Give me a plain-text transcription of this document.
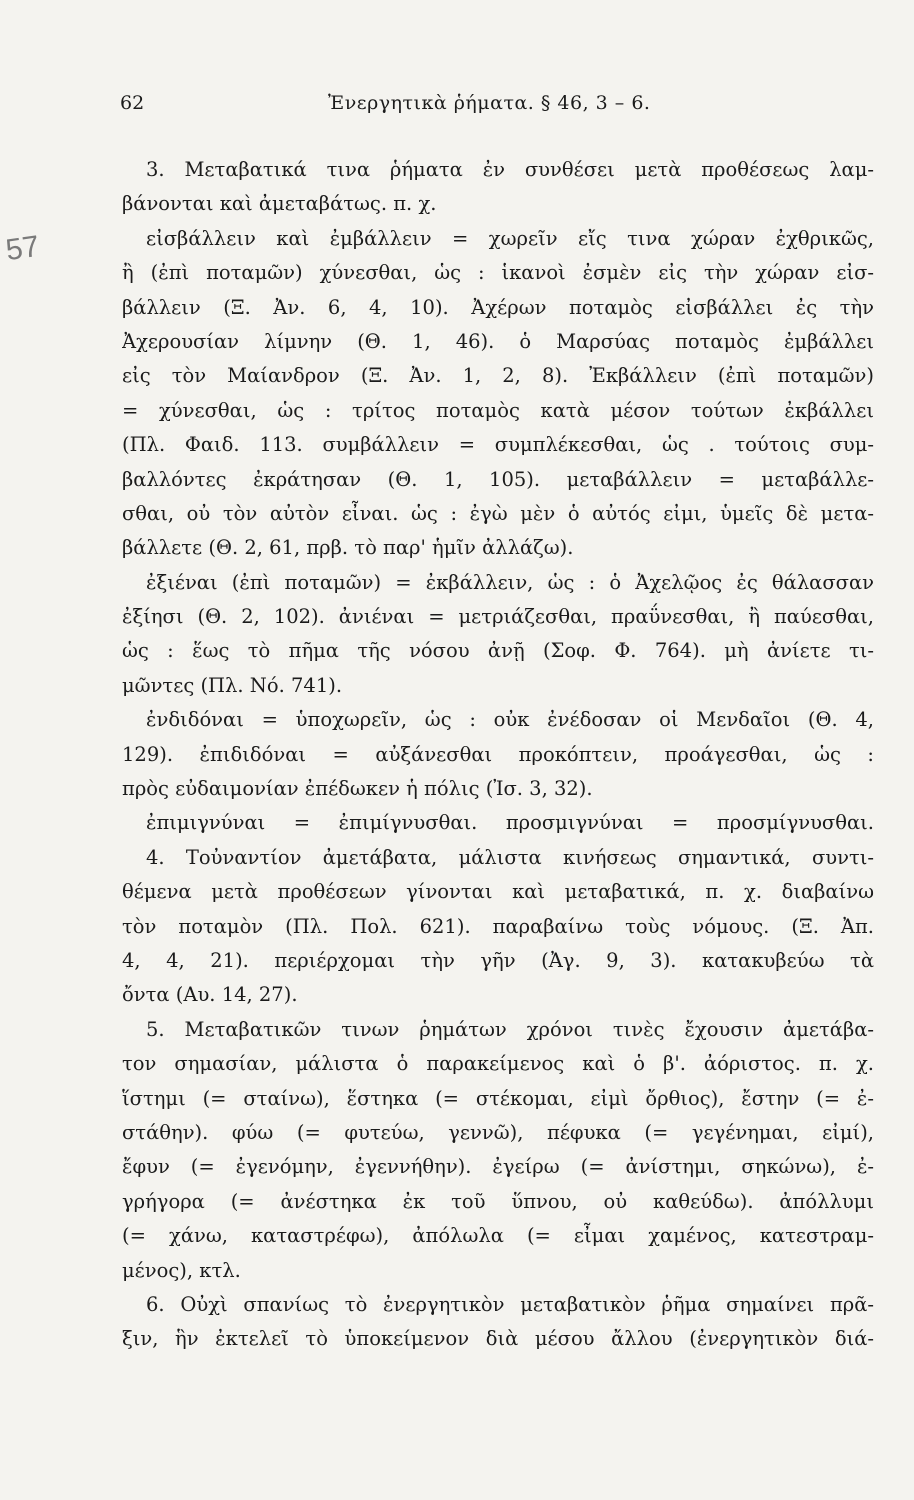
62	Ἐνεργητικὰ ῥήματα. § 46, 3 – 6.
57
3. Μεταβατικά τινα ῥήματα ἐν συνθέσει μετὰ προθέσεως λαμ-
βάνονται καὶ ἀμεταβάτως. π. χ.
εἰσβάλλειν καὶ ἐμβάλλειν = χωρεῖν εἴς τινα χώραν ἐχθρικῶς,
ἢ (ἐπὶ ποταμῶν) χύνεσθαι, ὡς : ἱκανοὶ ἐσμὲν εἰς τὴν χώραν εἰσ-
βάλλειν (Ξ. Ἀν. 6, 4, 10). Ἀχέρων ποταμὸς εἰσβάλλει ἐς τὴν
Ἀχερουσίαν λίμνην (Θ. 1, 46). ὁ Μαρσύας ποταμὸς ἐμβάλλει
εἰς τὸν Μαίανδρον (Ξ. Ἀν. 1, 2, 8). Ἐκβάλλειν (ἐπὶ ποταμῶν)
= χύνεσθαι, ὡς : τρίτος ποταμὸς κατὰ μέσον τούτων ἐκβάλλει
(Πλ. Φαιδ. 113. συμβάλλειν = συμπλέκεσθαι, ὡς . τούτοις συμ-
βαλλόντες ἐκράτησαν (Θ. 1, 105). μεταβάλλειν = μεταβάλλε-
σθαι, οὐ τὸν αὐτὸν εἶναι. ὡς : ἐγὼ μὲν ὁ αὐτός εἰμι, ὑμεῖς δὲ μετα-
βάλλετε (Θ. 2, 61, πρβ. τὸ παρ' ἡμῖν ἀλλάζω).
ἐξιέναι (ἐπὶ ποταμῶν) = ἐκβάλλειν, ὡς : ὁ Ἀχελῷος ἐς θάλασσαν
ἐξίησι (Θ. 2, 102). ἀνιέναι = μετριάζεσθαι, πραΰνεσθαι, ἢ παύεσθαι,
ὡς : ἕως τὸ πῆμα τῆς νόσου ἀνῇ (Σοφ. Φ. 764). μὴ ἀνίετε τι-
μῶντες (Πλ. Νό. 741).
ἐνδιδόναι = ὑποχωρεῖν, ὡς : οὐκ ἐνέδοσαν οἱ Μενδαῖοι (Θ. 4,
129). ἐπιδιδόναι = αὐξάνεσθαι προκόπτειν, προάγεσθαι, ὡς :
πρὸς εὐδαιμονίαν ἐπέδωκεν ἡ πόλις (Ἰσ. 3, 32).
ἐπιμιγνύναι = ἐπιμίγνυσθαι. προσμιγνύναι = προσμίγνυσθαι.
4. Τοὐναντίον ἀμετάβατα, μάλιστα κινήσεως σημαντικά, συντι-
θέμενα μετὰ προθέσεων γίνονται καὶ μεταβατικά, π. χ. διαβαίνω
τὸν ποταμὸν (Πλ. Πολ. 621). παραβαίνω τοὺς νόμους. (Ξ. Ἀπ.
4, 4, 21). περιέρχομαι τὴν γῆν (Ἀγ. 9, 3). κατακυβεύω τὰ
ὄντα (Αυ. 14, 27).
5. Μεταβατικῶν τινων ῥημάτων χρόνοι τινὲς ἔχουσιν ἀμετάβα-
τον σημασίαν, μάλιστα ὁ παρακείμενος καὶ ὁ β'. ἀόριστος. π. χ.
ἵστημι (= σταίνω), ἕστηκα (= στέκομαι, εἰμὶ ὄρθιος), ἔστην (= ἐ-
στάθην). φύω (= φυτεύω, γεννῶ), πέφυκα (= γεγένημαι, εἰμί),
ἔφυν (= ἐγενόμην, ἐγεννήθην). ἐγείρω (= ἀνίστημι, σηκώνω), ἐ-
γρήγορα (= ἀνέστηκα ἐκ τοῦ ὕπνου, οὐ καθεύδω). ἀπόλλυμι
(= χάνω, καταστρέφω), ἀπόλωλα (= εἶμαι χαμένος, κατεστραμ-
μένος), κτλ.
6. Οὐχὶ σπανίως τὸ ἐνεργητικὸν μεταβατικὸν ῥῆμα σημαίνει πρᾶ-
ξιν, ἣν ἐκτελεῖ τὸ ὑποκείμενον διὰ μέσου ἄλλου (ἐνεργητικὸν διά-
